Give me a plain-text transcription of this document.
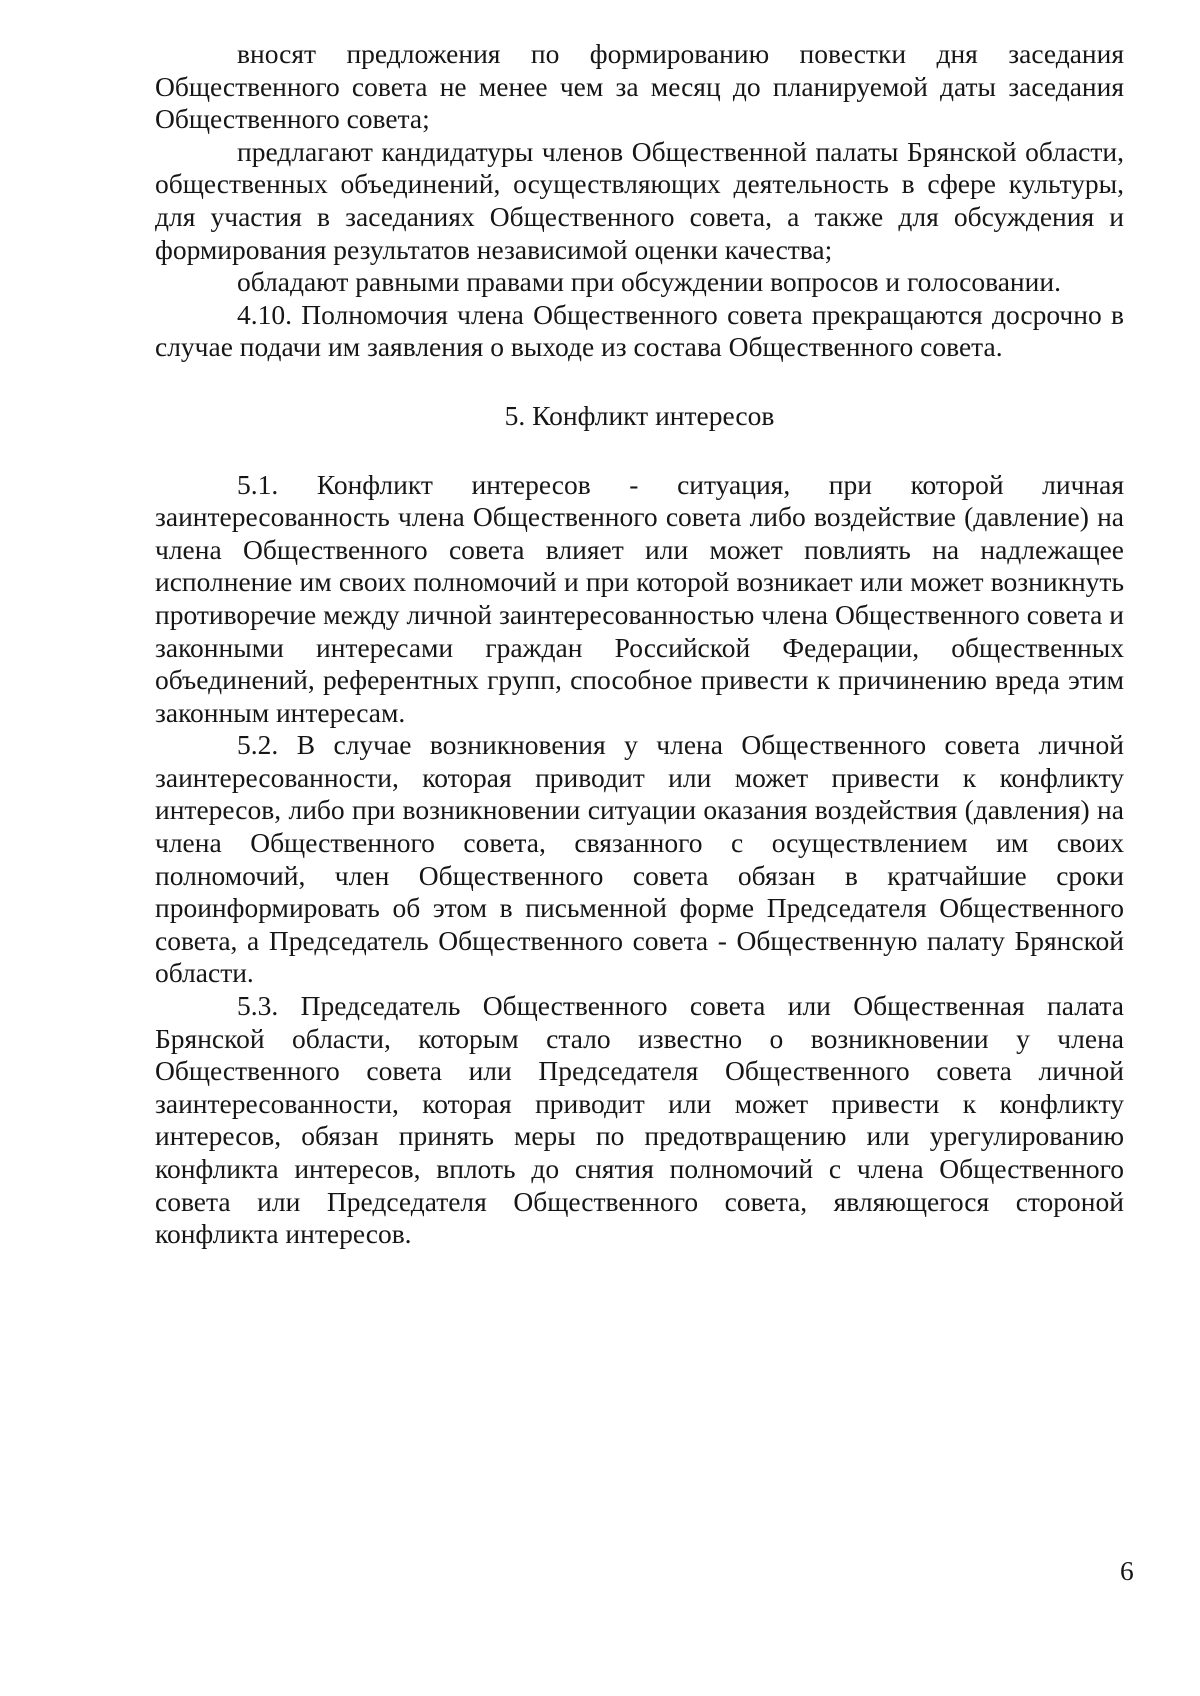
вносят предложения по формированию повестки дня заседания Общественного совета не менее чем за месяц до планируемой даты заседания Общественного совета;

предлагают кандидатуры членов Общественной палаты Брянской области, общественных объединений, осуществляющих деятельность в сфере культуры, для участия в заседаниях Общественного совета, а также для обсуждения и формирования результатов независимой оценки качества;

обладают равными правами при обсуждении вопросов и голосовании.

4.10. Полномочия члена Общественного совета прекращаются досрочно в случае подачи им заявления о выходе из состава Общественного совета.

5. Конфликт интересов

5.1. Конфликт интересов - ситуация, при которой личная заинтересованность члена Общественного совета либо воздействие (давление) на члена Общественного совета влияет или может повлиять на надлежащее исполнение им своих полномочий и при которой возникает или может возникнуть противоречие между личной заинтересованностью члена Общественного совета и законными интересами граждан Российской Федерации, общественных объединений, референтных групп, способное привести к причинению вреда этим законным интересам.

5.2. В случае возникновения у члена Общественного совета личной заинтересованности, которая приводит или может привести к конфликту интересов, либо при возникновении ситуации оказания воздействия (давления) на члена Общественного совета, связанного с осуществлением им своих полномочий, член Общественного совета обязан в кратчайшие сроки проинформировать об этом в письменной форме Председателя Общественного совета, а Председатель Общественного совета - Общественную палату Брянской области.

5.3. Председатель Общественного совета или Общественная палата Брянской области, которым стало известно о возникновении у члена Общественного совета или Председателя Общественного совета личной заинтересованности, которая приводит или может привести к конфликту интересов, обязан принять меры по предотвращению или урегулированию конфликта интересов, вплоть до снятия полномочий с члена Общественного совета или Председателя Общественного совета, являющегося стороной конфликта интересов.

6
